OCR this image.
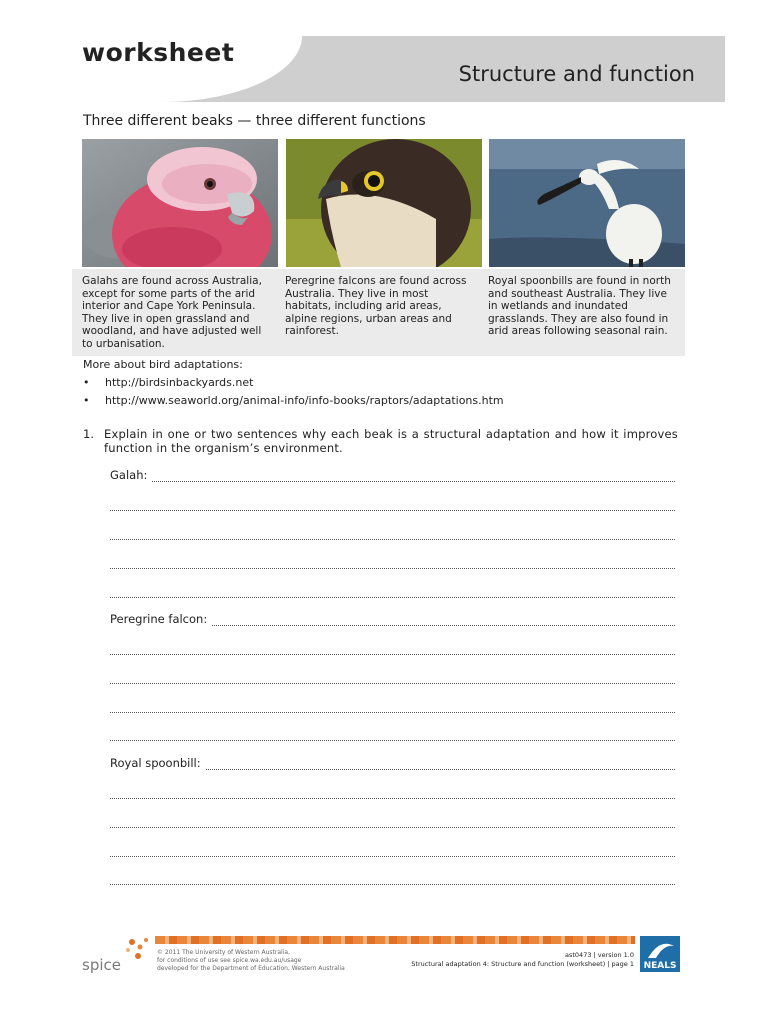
worksheet
Structure and function
Three different beaks — three different functions
Galahs are found across Australia, except for some parts of the arid interior and Cape York Peninsula. They live in open grassland and woodland, and have adjusted well to urbanisation.
Peregrine falcons are found across Australia. They live in most habitats, including arid areas, alpine regions, urban areas and rainforest.
Royal spoonbills are found in north and southeast Australia. They live in wetlands and inundated grasslands. They are also found in arid areas following seasonal rain.
More about bird adaptations:
• http://birdsinbackyards.net
• http://www.seaworld.org/animal-info/info-books/raptors/adaptations.htm
1. Explain in one or two sentences why each beak is a structural adaptation and how it improves function in the organism’s environment.
Galah:
Peregrine falcon:
Royal spoonbill:
spice
© 2011 The University of Western Australia,
for conditions of use see spice.wa.edu.au/usage
developed for the Department of Education, Western Australia
ast0473 | version 1.0
Structural adaptation 4: Structure and function (worksheet) | page 1	NEALS
